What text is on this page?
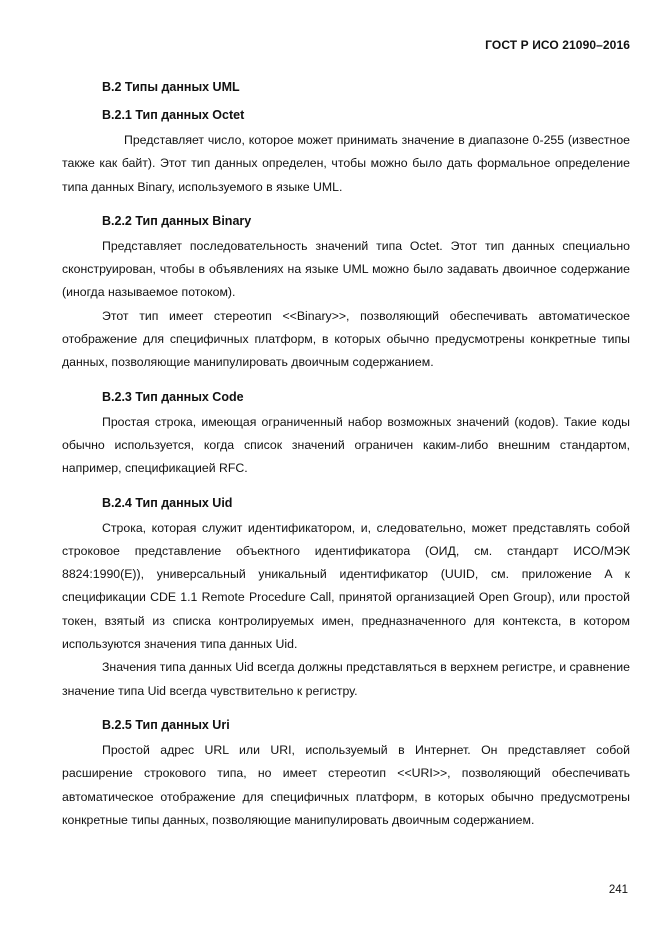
ГОСТ Р ИСО 21090–2016
B.2 Типы данных UML
B.2.1 Тип данных Octet

Представляет число, которое может принимать значение в диапазоне 0-255 (известное также как байт). Этот тип данных определен, чтобы можно было дать формальное определение типа данных Binary, используемого в языке UML.

B.2.2 Тип данных Binary

Представляет последовательность значений типа Octet. Этот тип данных специально сконструирован, чтобы в объявлениях на языке UML можно было задавать двоичное содержание (иногда называемое потоком).

Этот тип имеет стереотип <<Binary>>, позволяющий обеспечивать автоматическое отображение для специфичных платформ, в которых обычно предусмотрены конкретные типы данных, позволяющие манипулировать двоичным содержанием.

B.2.3 Тип данных Code

Простая строка, имеющая ограниченный набор возможных значений (кодов). Такие коды обычно используется, когда список значений ограничен каким-либо внешним стандартом, например, спецификацией RFC.

B.2.4 Тип данных Uid

Строка, которая служит идентификатором, и, следовательно, может представлять собой строковое представление объектного идентификатора (ОИД, см. стандарт ИСО/МЭК 8824:1990(E)), универсальный уникальный идентификатор (UUID, см. приложение A к спецификации CDE 1.1 Remote Procedure Call, принятой организацией Open Group), или простой токен, взятый из списка контролируемых имен, предназначенного для контекста, в котором используются значения типа данных Uid.

Значения типа данных Uid всегда должны представляться в верхнем регистре, и сравнение значение типа Uid всегда чувствительно к регистру.

B.2.5 Тип данных Uri

Простой адрес URL или URI, используемый в Интернет. Он представляет собой расширение строкового типа, но имеет стереотип <<URI>>, позволяющий обеспечивать автоматическое отображение для специфичных платформ, в которых обычно предусмотрены конкретные типы данных, позволяющие манипулировать двоичным содержанием.

241
